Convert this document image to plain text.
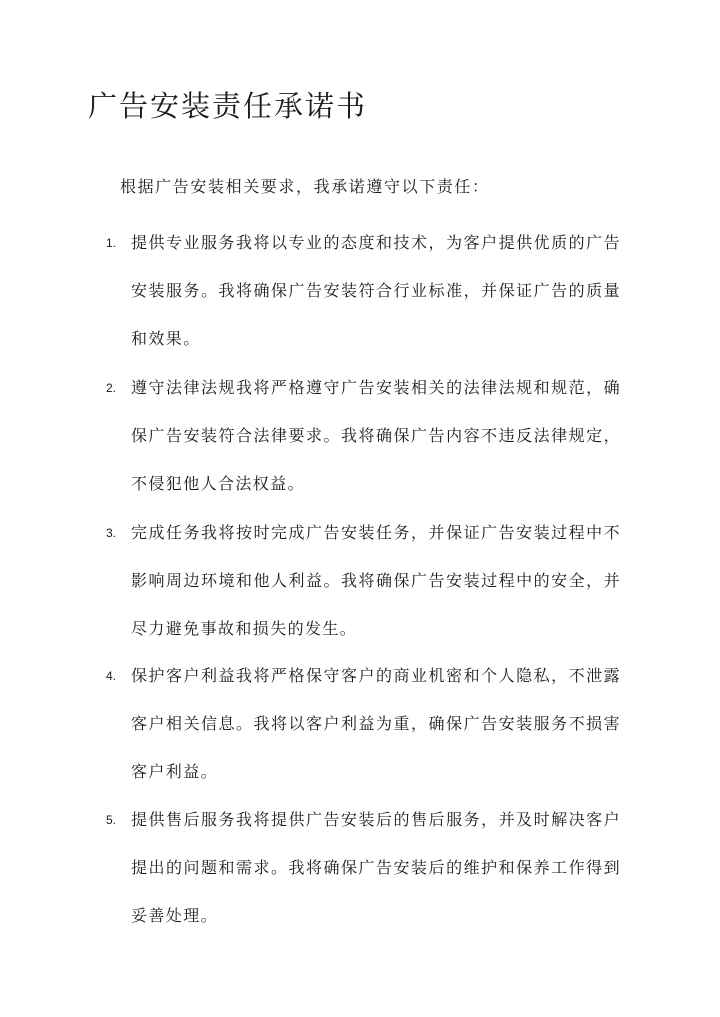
广告安装责任承诺书

根据广告安装相关要求，我承诺遵守以下责任：

1. 提供专业服务我将以专业的态度和技术，为客户提供优质的广告安装服务。我将确保广告安装符合行业标准，并保证广告的质量和效果。

2. 遵守法律法规我将严格遵守广告安装相关的法律法规和规范，确保广告安装符合法律要求。我将确保广告内容不违反法律规定，不侵犯他人合法权益。

3. 完成任务我将按时完成广告安装任务，并保证广告安装过程中不影响周边环境和他人利益。我将确保广告安装过程中的安全，并尽力避免事故和损失的发生。

4. 保护客户利益我将严格保守客户的商业机密和个人隐私，不泄露客户相关信息。我将以客户利益为重，确保广告安装服务不损害客户利益。

5. 提供售后服务我将提供广告安装后的售后服务，并及时解决客户提出的问题和需求。我将确保广告安装后的维护和保养工作得到妥善处理。
